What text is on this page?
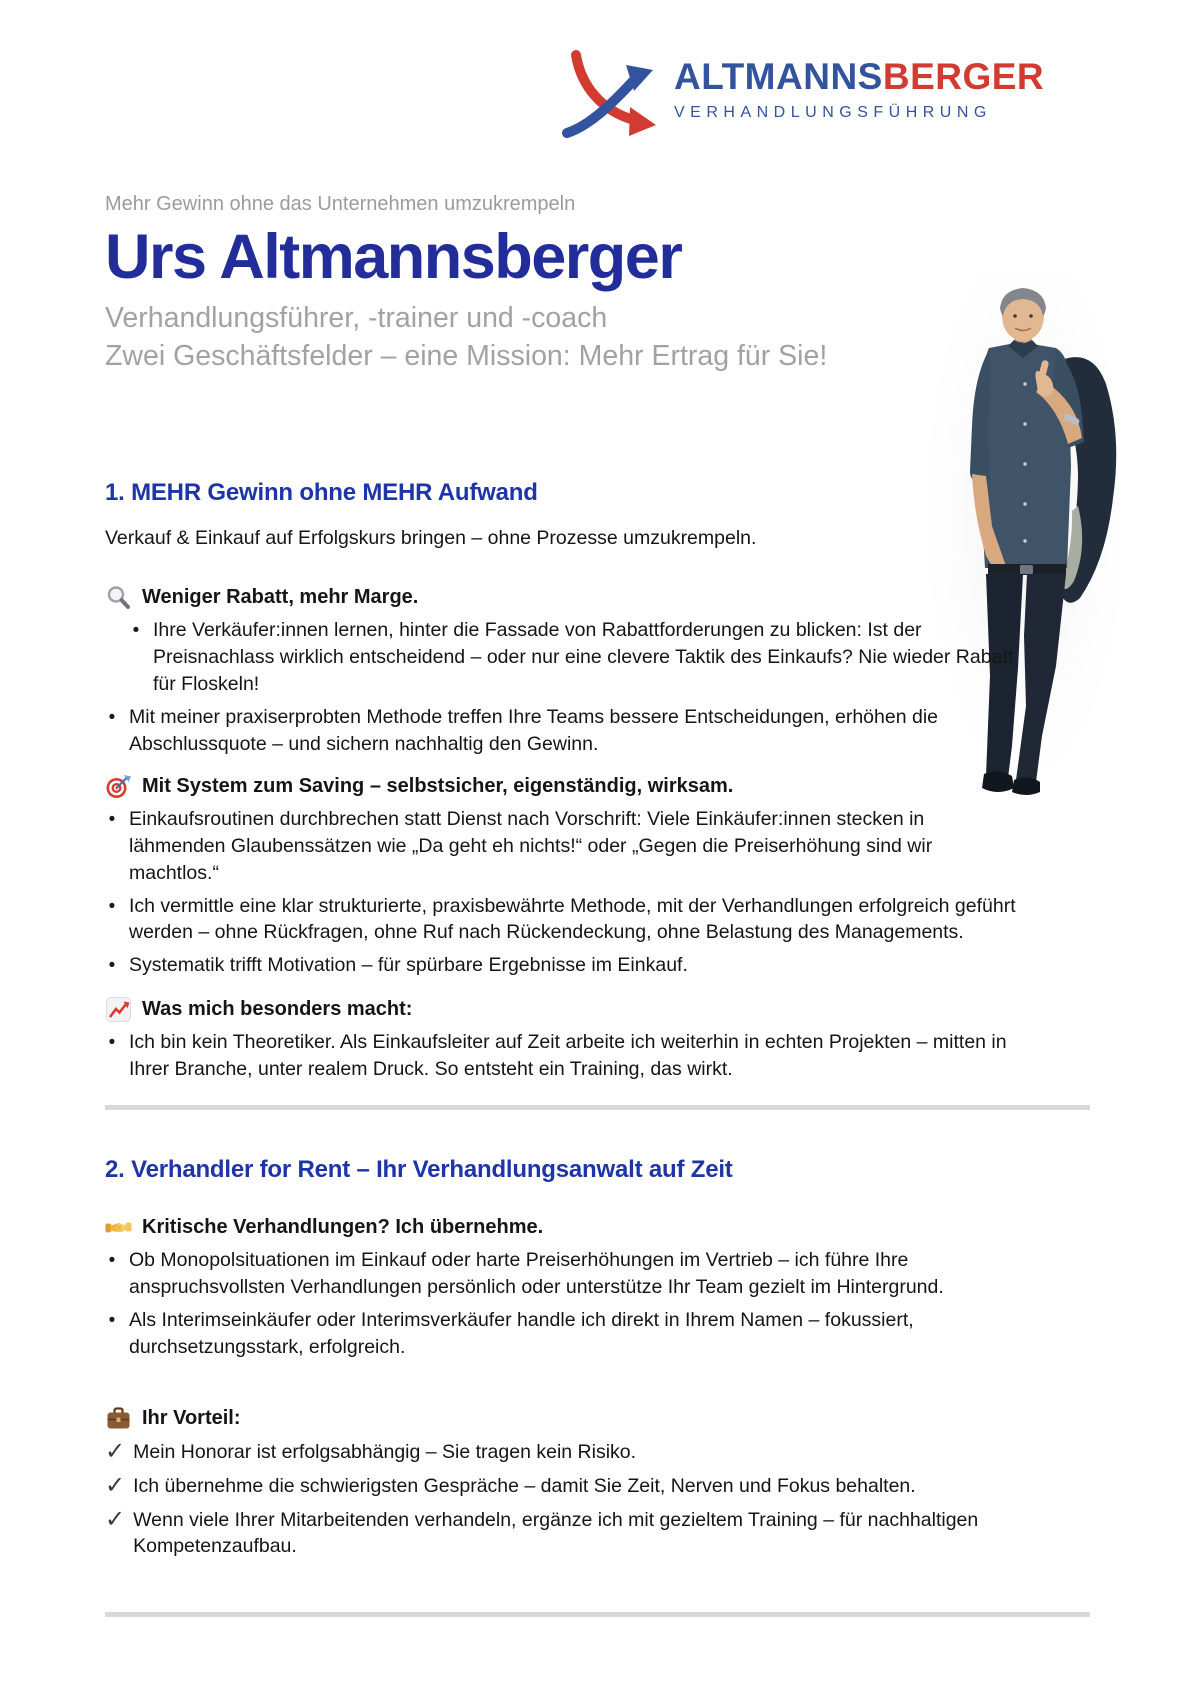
ALTMANNSBERGER
VERHANDLUNGSFÜHRUNG

Mehr Gewinn ohne das Unternehmen umzukrempeln

Urs Altmannsberger

Verhandlungsführer, -trainer und -coach
Zwei Geschäftsfelder – eine Mission: Mehr Ertrag für Sie!

1. MEHR Gewinn ohne MEHR Aufwand

Verkauf & Einkauf auf Erfolgskurs bringen – ohne Prozesse umzukrempeln.

Weniger Rabatt, mehr Marge.
• Ihre Verkäufer:innen lernen, hinter die Fassade von Rabattforderungen zu blicken: Ist der Preisnachlass wirklich entscheidend – oder nur eine clevere Taktik des Einkaufs? Nie wieder Rabatt für Floskeln!

• Mit meiner praxiserprobten Methode treffen Ihre Teams bessere Entscheidungen, erhöhen die Abschlussquote – und sichern nachhaltig den Gewinn.

Mit System zum Saving – selbstsicher, eigenständig, wirksam.
• Einkaufsroutinen durchbrechen statt Dienst nach Vorschrift: Viele Einkäufer:innen stecken in lähmenden Glaubenssätzen wie „Da geht eh nichts!“ oder „Gegen die Preiserhöhung sind wir machtlos.“

• Ich vermittle eine klar strukturierte, praxisbewährte Methode, mit der Verhandlungen erfolgreich geführt werden – ohne Rückfragen, ohne Ruf nach Rückendeckung, ohne Belastung des Managements.

• Systematik trifft Motivation – für spürbare Ergebnisse im Einkauf.

Was mich besonders macht:
• Ich bin kein Theoretiker. Als Einkaufsleiter auf Zeit arbeite ich weiterhin in echten Projekten – mitten in Ihrer Branche, unter realem Druck. So entsteht ein Training, das wirkt.

2. Verhandler for Rent – Ihr Verhandlungsanwalt auf Zeit
Kritische Verhandlungen? Ich übernehme.
• Ob Monopolsituationen im Einkauf oder harte Preiserhöhungen im Vertrieb – ich führe Ihre anspruchsvollsten Verhandlungen persönlich oder unterstütze Ihr Team gezielt im Hintergrund.

• Als Interimseinkäufer oder Interimsverkäufer handle ich direkt in Ihrem Namen – fokussiert, durchsetzungsstark, erfolgreich.

Ihr Vorteil:
✓ Mein Honorar ist erfolgsabhängig – Sie tragen kein Risiko.

✓ Ich übernehme die schwierigsten Gespräche – damit Sie Zeit, Nerven und Fokus behalten.

✓ Wenn viele Ihrer Mitarbeitenden verhandeln, ergänze ich mit gezieltem Training – für nachhaltigen Kompetenzaufbau.
